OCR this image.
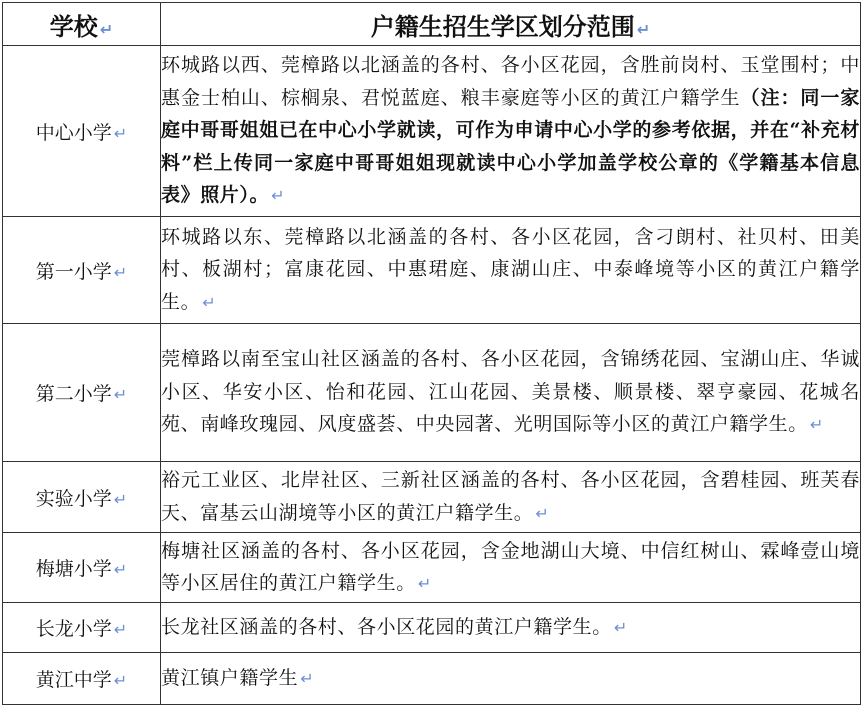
学校 ↵	户籍生招生学区划分范围 ↵
中心小学 ↵	环城路以西、莞樟路以北涵盖的各村、各小区花园，含胜前岗村、玉堂围村；中惠金士柏山、棕榈泉、君悦蓝庭、粮丰豪庭等小区的黄江户籍学生（注：同一家庭中哥哥姐姐已在中心小学就读，可作为申请中心小学的参考依据，并在“补充材料”栏上传同一家庭中哥哥姐姐现就读中心小学加盖学校公章的《学籍基本信息表》照片）。 ↵
第一小学 ↵	环城路以东、莞樟路以北涵盖的各村、各小区花园，含刁朗村、社贝村、田美村、板湖村；富康花园、中惠珺庭、康湖山庄、中泰峰境等小区的黄江户籍学生。 ↵
第二小学 ↵	莞樟路以南至宝山社区涵盖的各村、各小区花园，含锦绣花园、宝湖山庄、华诚小区、华安小区、怡和花园、江山花园、美景楼、顺景楼、翠亨豪园、花城名苑、南峰玫瑰园、风度盛荟、中央园著、光明国际等小区的黄江户籍学生。 ↵
实验小学 ↵	裕元工业区、北岸社区、三新社区涵盖的各村、各小区花园，含碧桂园、班芙春天、富基云山湖境等小区的黄江户籍学生。 ↵
梅塘小学 ↵	梅塘社区涵盖的各村、各小区花园，含金地湖山大境、中信红树山、霖峰壹山境等小区居住的黄江户籍学生。 ↵
长龙小学 ↵	长龙社区涵盖的各村、各小区花园的黄江户籍学生。 ↵
黄江中学 ↵	黄江镇户籍学生 ↵
